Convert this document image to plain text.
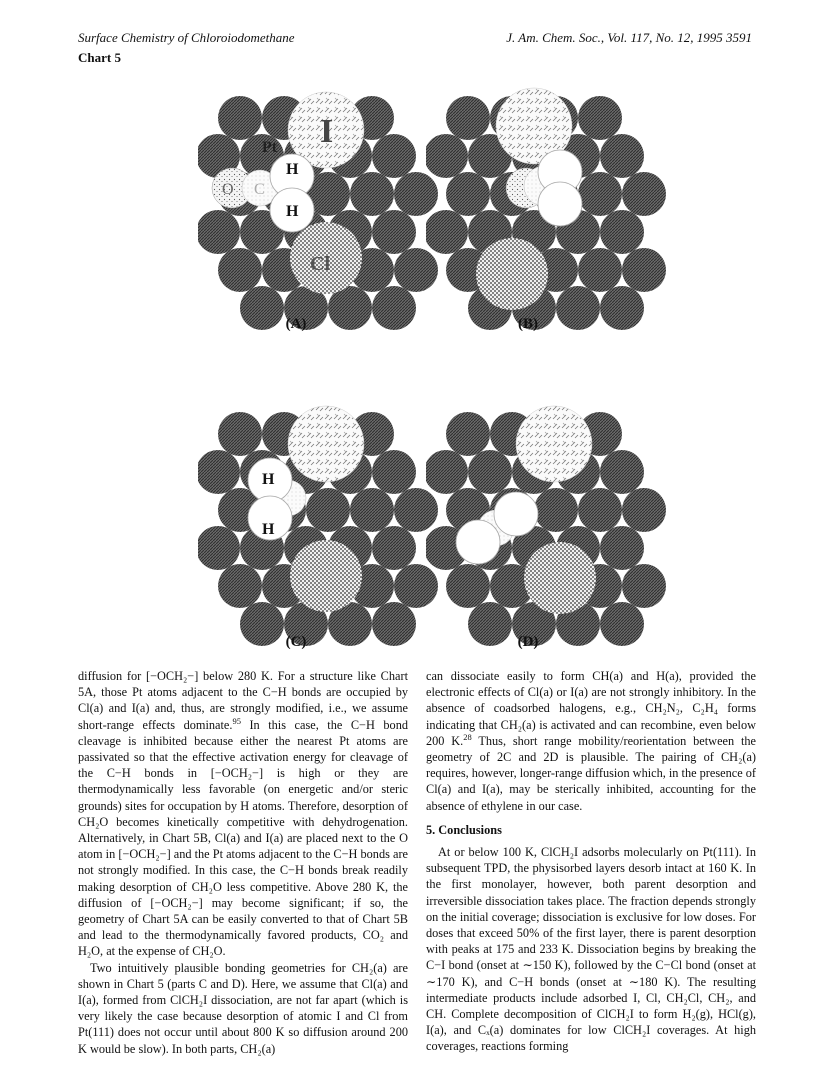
Surface Chemistry of Chloroiodomethane	J. Am. Chem. Soc., Vol. 117, No. 12, 1995 3591
Chart 5
I
Pt
H
H
O C
Cl
(A)	(B)
H
H
(C)	(D)

diffusion for [−OCH₂−] below 280 K. For a structure like Chart 5A, those Pt atoms adjacent to the C−H bonds are occupied by Cl(a) and I(a) and, thus, are strongly modified, i.e., we assume short-range effects dominate.$^{95}$ In this case, the C−H bond cleavage is inhibited because either the nearest Pt atoms are passivated so that the effective activation energy for cleavage of the C−H bonds in [−OCH₂−] is high or they are thermodynamically less favorable (on energetic and/or steric grounds) sites for occupation by H atoms. Therefore, desorption of CH₂O becomes kinetically competitive with dehydrogenation. Alternatively, in Chart 5B, Cl(a) and I(a) are placed next to the O atom in [−OCH₂−] and the Pt atoms adjacent to the C−H bonds are not strongly modified. In this case, the C−H bonds break readily making desorption of CH₂O less competitive. Above 280 K, the diffusion of [−OCH₂−] may become significant; if so, the geometry of Chart 5A can be easily converted to that of Chart 5B and lead to the thermodynamically favored products, CO₂ and H₂O, at the expense of CH₂O.

Two intuitively plausible bonding geometries for CH₂(a) are shown in Chart 5 (parts C and D). Here, we assume that Cl(a) and I(a), formed from ClCH₂I dissociation, are not far apart (which is very likely the case because desorption of atomic I and Cl from Pt(111) does not occur until about 800 K so diffusion around 200 K would be slow). In both parts, CH₂(a)

can dissociate easily to form CH(a) and H(a), provided the electronic effects of Cl(a) or I(a) are not strongly inhibitory. In the absence of coadsorbed halogens, e.g., CH₂N₂, C₂H₄ forms indicating that CH₂(a) is activated and can recombine, even below 200 K.$^{28}$ Thus, short range mobility/reorientation between the geometry of 2C and 2D is plausible. The pairing of CH₂(a) requires, however, longer-range diffusion which, in the presence of Cl(a) and I(a), may be sterically inhibited, accounting for the absence of ethylene in our case.

5. Conclusions

At or below 100 K, ClCH₂I adsorbs molecularly on Pt(111). In subsequent TPD, the physisorbed layers desorb intact at 160 K. In the first monolayer, however, both parent desorption and irreversible dissociation takes place. The fraction depends strongly on the initial coverage; dissociation is exclusive for low doses. For doses that exceed 50% of the first layer, there is parent desorption with peaks at 175 and 233 K. Dissociation begins by breaking the C−I bond (onset at ∼150 K), followed by the C−Cl bond (onset at ∼170 K), and C−H bonds (onset at ∼180 K). The resulting intermediate products include adsorbed I, Cl, CH₂Cl, CH₂, and CH. Complete decomposition of ClCH₂I to form H₂(g), HCl(g), I(a), and Cₓ(a) dominates for low ClCH₂I coverages. At high coverages, reactions forming
